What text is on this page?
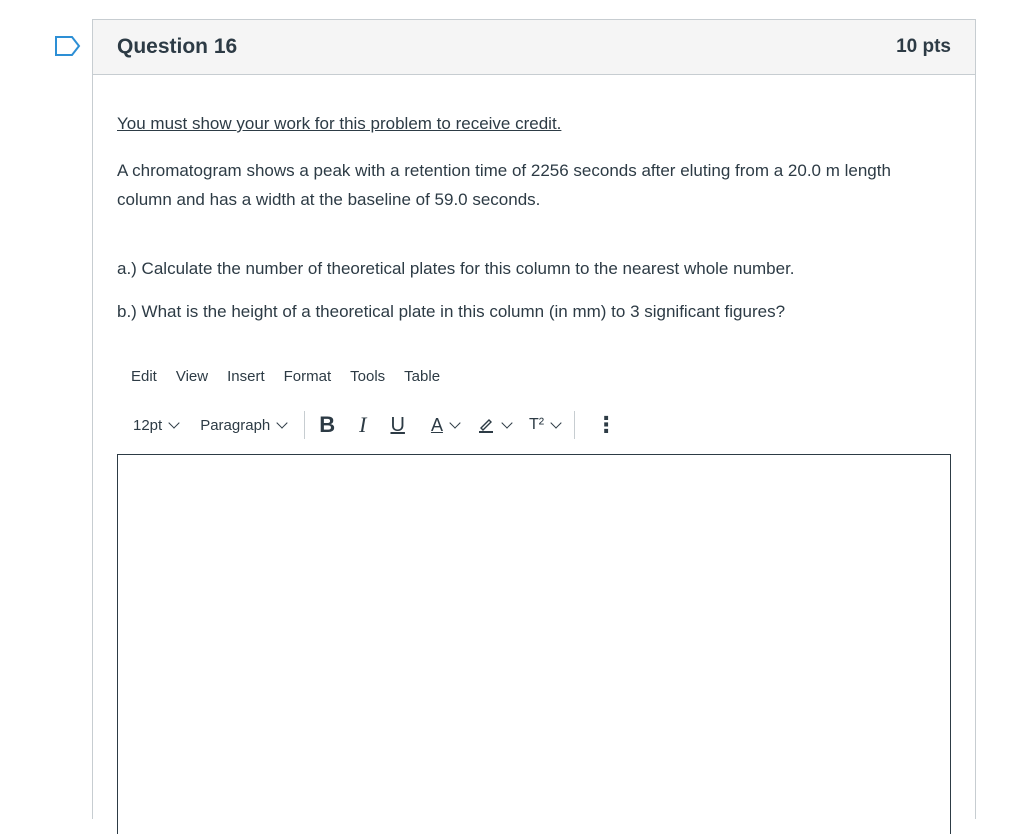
Question 16	10 pts

You must show your work for this problem to receive credit.

A chromatogram shows a peak with a retention time of 2256 seconds after eluting from a 20.0 m length column and has a width at the baseline of 59.0 seconds.

a.) Calculate the number of theoretical plates for this column to the nearest whole number.

b.) What is the height of a theoretical plate in this column (in mm) to 3 significant figures?

Edit View Insert Format Tools Table
12pt	Paragraph B I U A	T² ⋮
